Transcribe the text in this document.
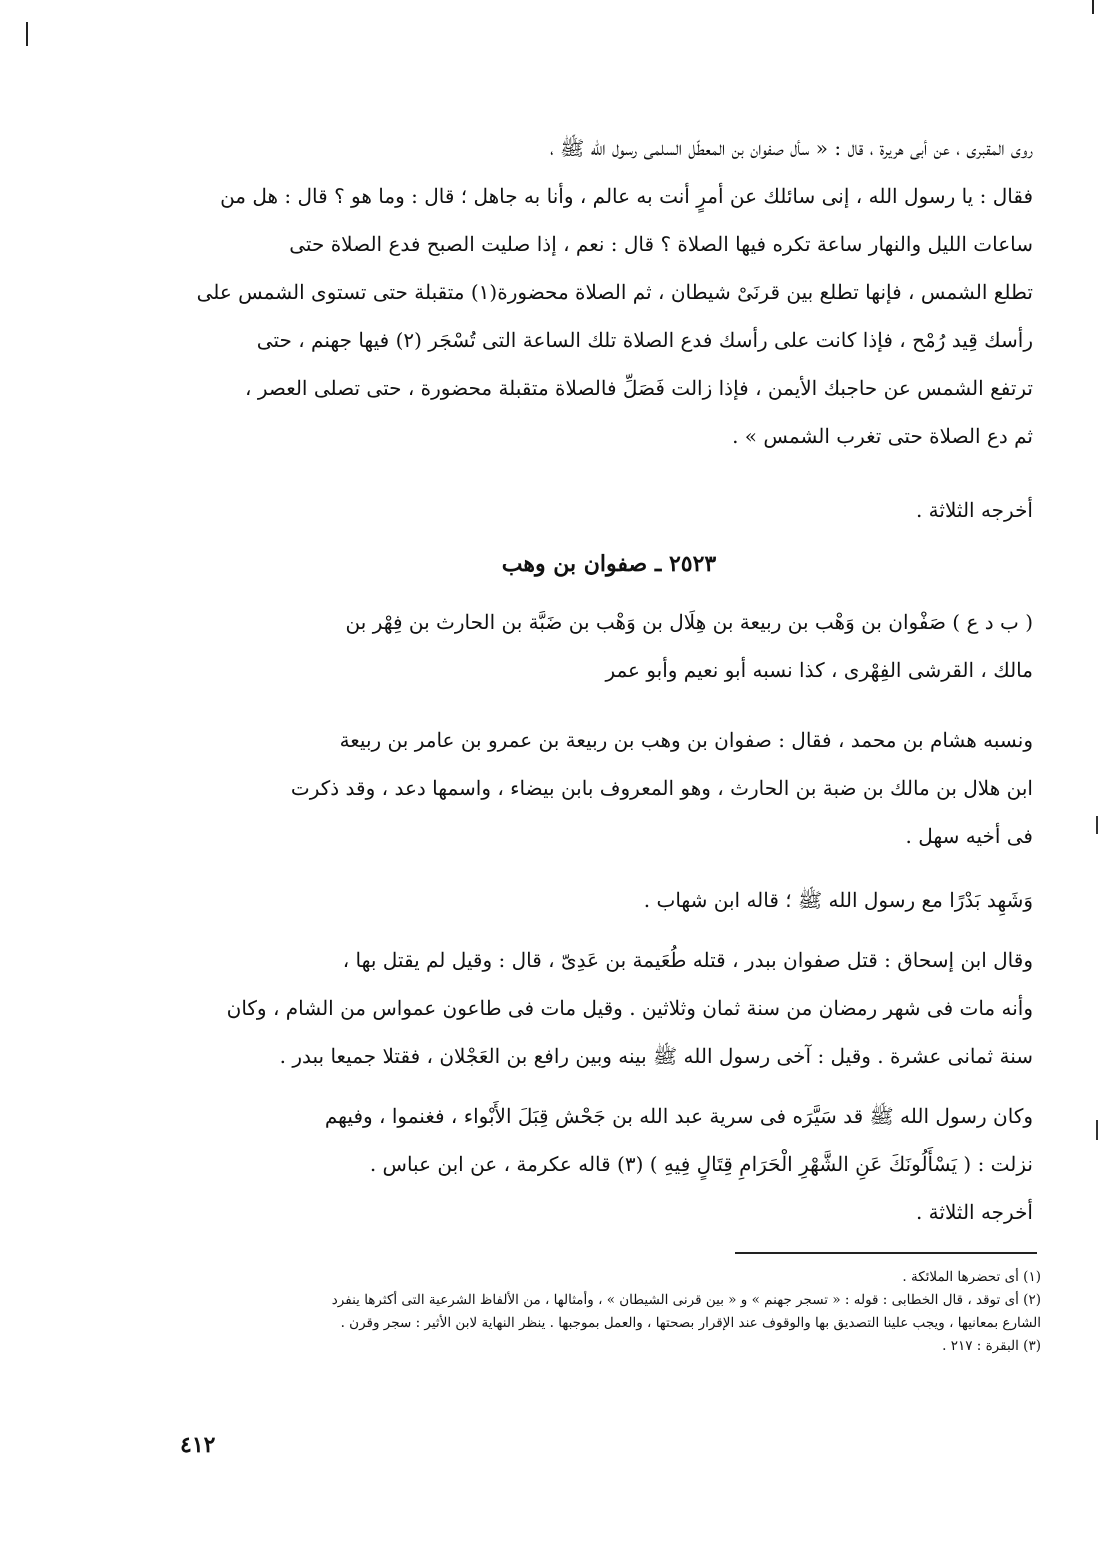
روى المقبرى ، عن أبى هريرة ، قال : « سأل صفوان بن المعطّل السلمى رسول الله ﷺ ،
فقال : يا رسول الله ، إنى سائلك عن أمرٍ أنت به عالم ، وأنا به جاهل ؛ قال : وما هو ؟ قال : هل من
ساعات الليل والنهار ساعة تكره فيها الصلاة ؟ قال : نعم ، إذا صليت الصبح فدع الصلاة حتى
تطلع الشمس ، فإنها تطلع بين قرنَىْ شيطان ، ثم الصلاة محضورة(١) متقبلة حتى تستوى الشمس على
رأسك قِيد رُمْح ، فإذا كانت على رأسك فدع الصلاة تلك الساعة التى تُسْجَر (٢) فيها جهنم ، حتى
ترتفع الشمس عن حاجبك الأيمن ، فإذا زالت فَصَلِّ فالصلاة متقبلة محضورة ، حتى تصلى العصر ،
ثم دع الصلاة حتى تغرب الشمس » .
أخرجه الثلاثة .
٢٥٢٣ ـ صفوان بن وهب
( ب د ع ) صَفْوان بن وَهْب بن ربيعة بن هِلَال بن وَهْب بن ضَبَّة بن الحارث بن فِهْر بن
مالك ، القرشى الفِهْرى ، كذا نسبه أبو نعيم وأبو عمر
ونسبه هشام بن محمد ، فقال : صفوان بن وهب بن ربيعة بن عمرو بن عامر بن ربيعة
ابن هلال بن مالك بن ضبة بن الحارث ، وهو المعروف بابن بيضاء ، واسمها دعد ، وقد ذكرت
فى أخيه سهل .
وَشَهِد بَدْرًا مع رسول الله ﷺ ؛ قاله ابن شهاب .
وقال ابن إسحاق : قتل صفوان ببدر ، قتله طُعَيمة بن عَدِىّ ، قال : وقيل لم يقتل بها ،
وأنه مات فى شهر رمضان من سنة ثمان وثلاثين . وقيل مات فى طاعون عمواس من الشام ، وكان
سنة ثمانى عشرة . وقيل : آخى رسول الله ﷺ بينه وبين رافع بن العَجْلان ، فقتلا جميعا ببدر .
وكان رسول الله ﷺ قد سَيَّرَه فى سرية عبد الله بن جَحْش قِبَلَ الأَبْواء ، فغنموا ، وفيهم
نزلت : ( يَسْأَلُونَكَ عَنِ الشَّهْرِ الْحَرَامِ قِتَالٍ فِيهِ ) (٣) قاله عكرمة ، عن ابن عباس .
أخرجه الثلاثة .
(١) أى تحضرها الملائكة .
(٢) أى توقد ، قال الخطابى : قوله : « تسجر جهنم » و « بين قرنى الشيطان » ، وأمثالها ، من الألفاظ الشرعية التى أكثرها ينفرد
الشارع بمعانيها ، ويجب علينا التصديق بها والوقوف عند الإقرار بصحتها ، والعمل بموجبها . ينظر النهاية لابن الأثير : سجر وقرن .
(٣) البقرة : ٢١٧ .
٤١٢
